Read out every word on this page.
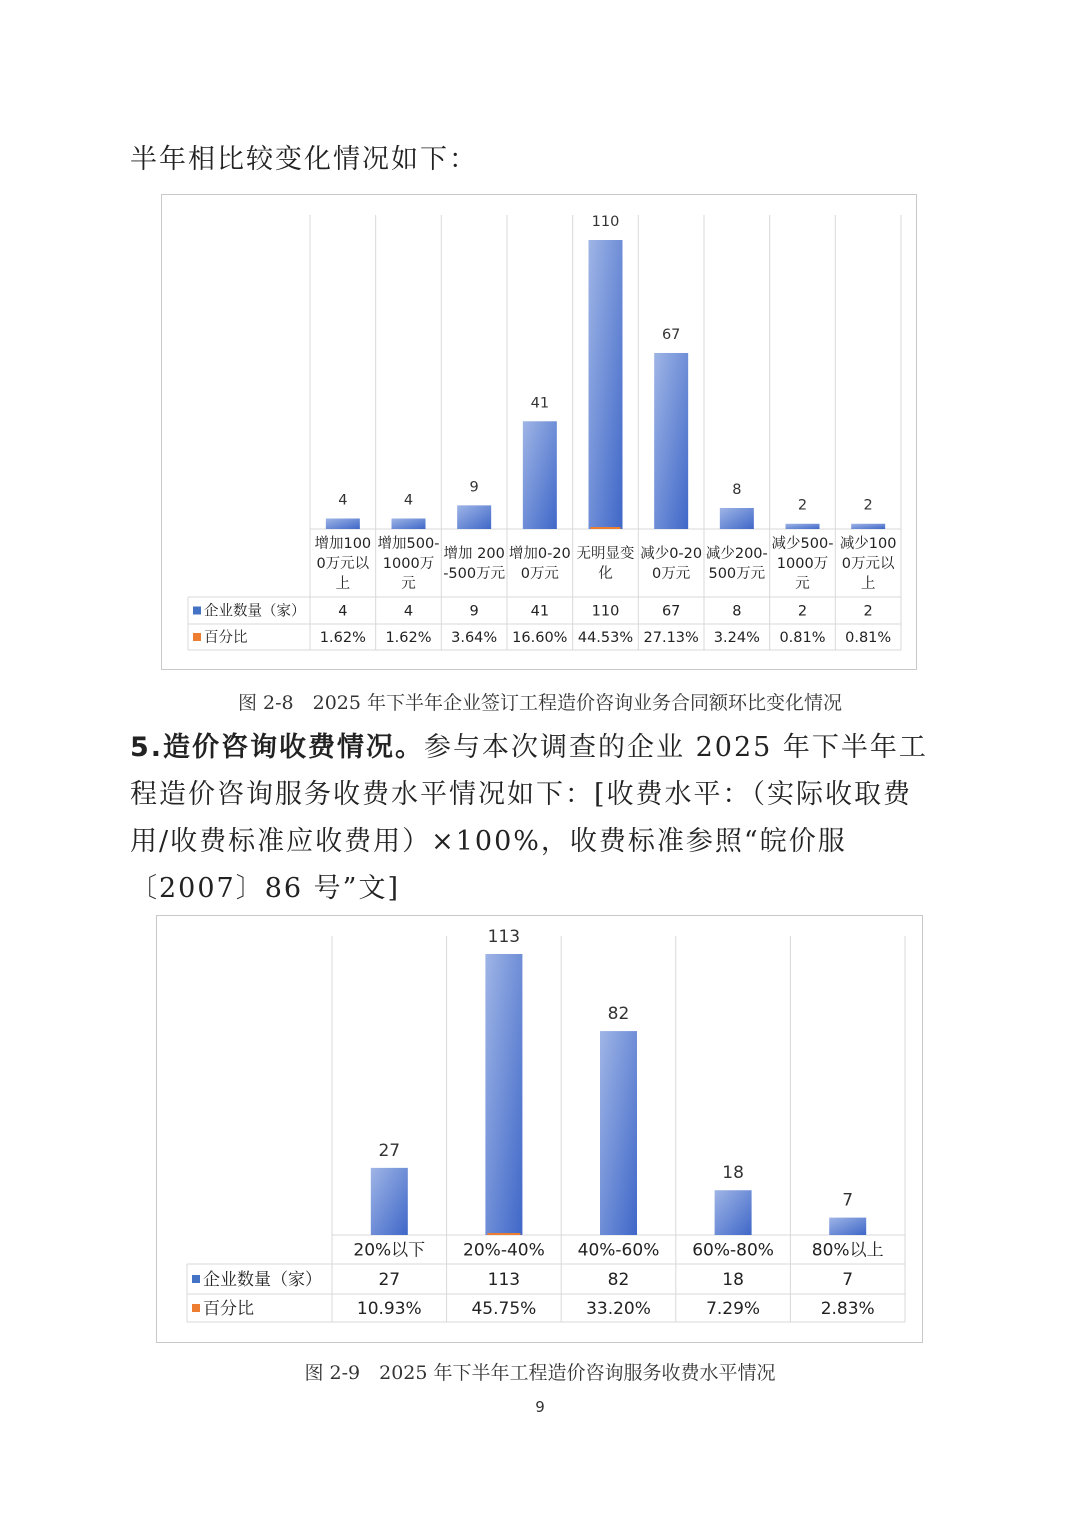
半年相比较变化情况如下：

4
增加100
0万元以
上
4
1.62%
4
增加500-
1000万
元
4
1.62%
9
增加 200
-500万元
9
3.64%
41
增加0-20
0万元
41
16.60%
110
无明显变
化
110
44.53%
67
减少0-20
0万元
67
27.13%
8
减少200-
500万元
8
3.24%
2
减少500-
1000万
元
2
0.81%
2
减少100
0万元以
上
2
0.81%
企业数量（家）
百分比

图 2-8　2025 年下半年企业签订工程造价咨询业务合同额环比变化情况

5.造价咨询收费情况。参与本次调查的企业 2025 年下半年工程造价咨询服务收费水平情况如下：[收费水平：（实际收取费用/收费标准应收费用）×100%，收费标准参照“皖价服〔2007〕86 号”文]

27
20%以下
27
10.93%
113
20%-40%
113
45.75%
82
40%-60%
82
33.20%
18
60%-80%
18
7.29%
7
80%以上
7
2.83%
企业数量（家）
百分比

图 2-9　2025 年下半年工程造价咨询服务收费水平情况

9
